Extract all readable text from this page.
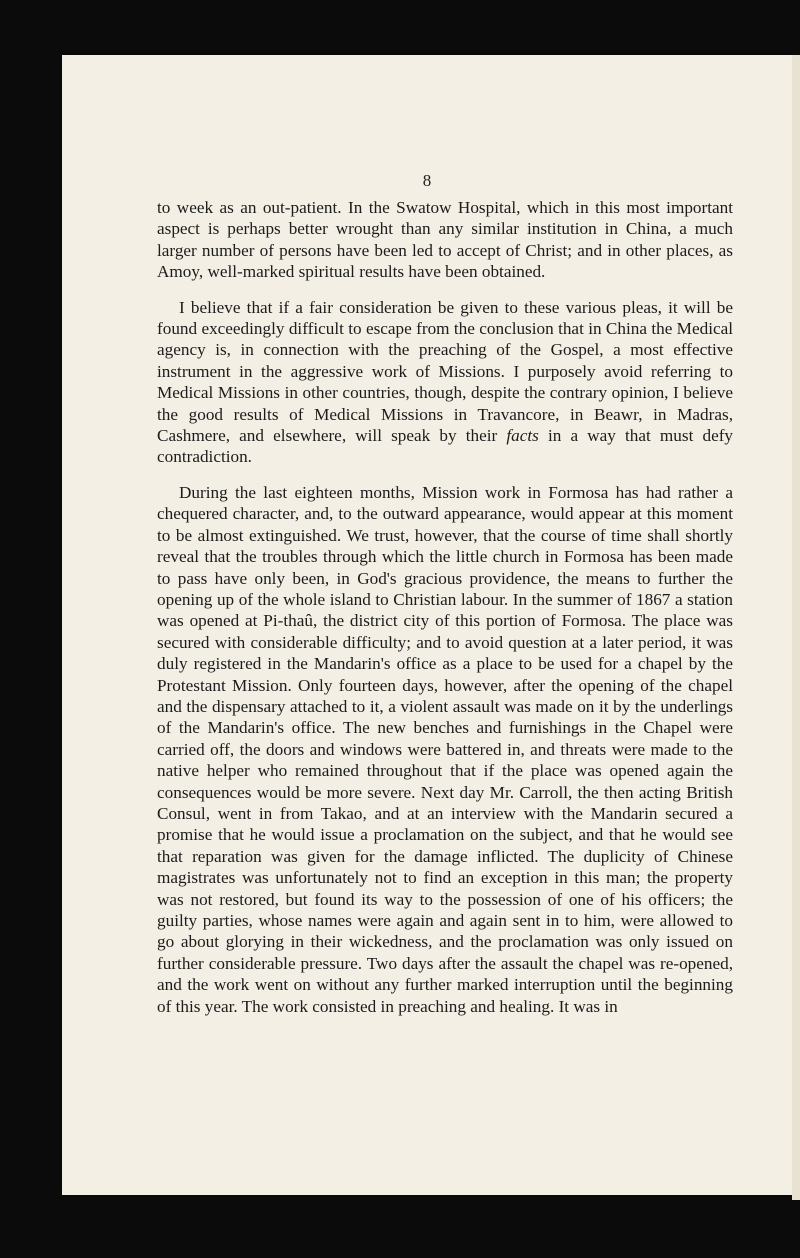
8

to week as an out-patient. In the Swatow Hospital, which in this most important aspect is perhaps better wrought than any similar institution in China, a much larger number of persons have been led to accept of Christ; and in other places, as Amoy, well-marked spiritual results have been obtained.

I believe that if a fair consideration be given to these various pleas, it will be found exceedingly difficult to escape from the conclusion that in China the Medical agency is, in connection with the preaching of the Gospel, a most effective instrument in the aggressive work of Missions. I purposely avoid referring to Medical Missions in other countries, though, despite the contrary opinion, I believe the good results of Medical Missions in Travancore, in Beawr, in Madras, Cashmere, and elsewhere, will speak by their facts in a way that must defy contradiction.

During the last eighteen months, Mission work in Formosa has had rather a chequered character, and, to the outward appearance, would appear at this moment to be almost extinguished. We trust, however, that the course of time shall shortly reveal that the troubles through which the little church in Formosa has been made to pass have only been, in God's gracious providence, the means to further the opening up of the whole island to Christian labour. In the summer of 1867 a station was opened at Pi-thaû, the district city of this portion of Formosa. The place was secured with considerable difficulty; and to avoid question at a later period, it was duly registered in the Mandarin's office as a place to be used for a chapel by the Protestant Mission. Only fourteen days, however, after the opening of the chapel and the dispensary attached to it, a violent assault was made on it by the underlings of the Mandarin's office. The new benches and furnishings in the Chapel were carried off, the doors and windows were battered in, and threats were made to the native helper who remained throughout that if the place was opened again the consequences would be more severe. Next day Mr. Carroll, the then acting British Consul, went in from Takao, and at an interview with the Mandarin secured a promise that he would issue a proclamation on the subject, and that he would see that reparation was given for the damage inflicted. The duplicity of Chinese magistrates was unfortunately not to find an exception in this man; the property was not restored, but found its way to the possession of one of his officers; the guilty parties, whose names were again and again sent in to him, were allowed to go about glorying in their wickedness, and the proclamation was only issued on further considerable pressure. Two days after the assault the chapel was re-opened, and the work went on without any further marked interruption until the beginning of this year. The work consisted in preaching and healing. It was in
